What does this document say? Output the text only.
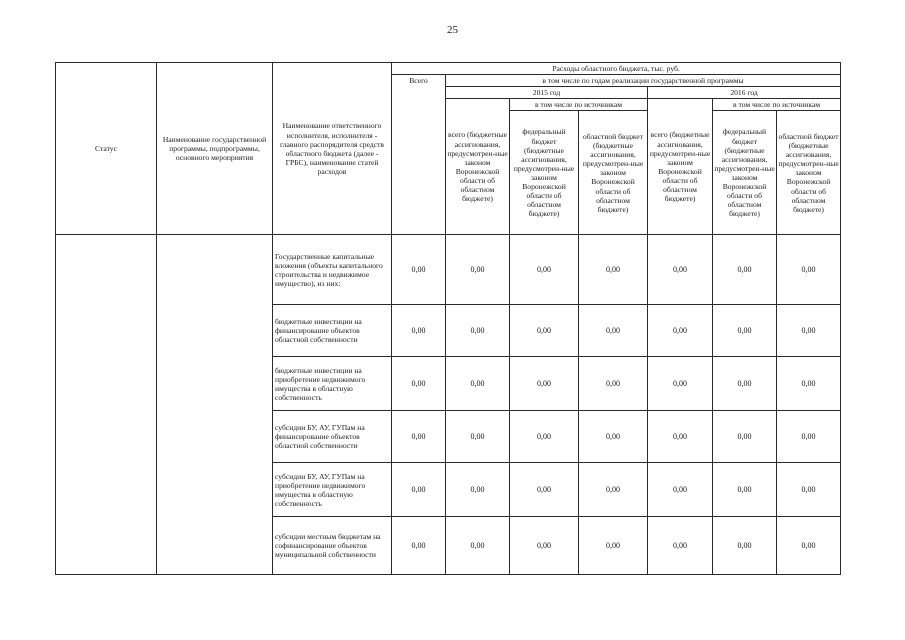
25
Статус	Наименование государственной программы, подпрограммы, основного мероприятия	Наименование ответственного исполнителя, исполнителя - главного распорядителя средств областного бюджета (далее - ГРБС), наименование статей расходов	Расходы областного бюджета, тыс. руб.						
			Всего	в том числе по годам реализации государственной программы					
				2015 год			2016 год		
				всего (бюджетные ассигнования, предусмотрен-ные законом Воронежской области об областном бюджете)	в том числе по источникам		всего (бюджетные ассигнования, предусмотрен-ные законом Воронежской области об областном бюджете)	в том числе по источникам	
					федеральный бюджет (бюджетные ассигнования, предусмотрен-ные законом Воронежской области об областном бюджете)	областной бюджет (бюджетные ассигнования, предусмотрен-ные законом Воронежской области об областном бюджете)		федеральный бюджет (бюджетные ассигнования, предусмотрен-ные законом Воронежской области об областном бюджете)	областной бюджет (бюджетные ассигнования, предусмотрен-ные законом Воронежской области об областном бюджете)
		Государственные капитальные вложения (объекты капитального строительства и недвижимое имущество), из них:	0,00	0,00	0,00	0,00	0,00	0,00	0,00
		бюджетные инвестиции на финансирование объектов областной собственности	0,00	0,00	0,00	0,00	0,00	0,00	0,00
		бюджетные инвестиции на приобретение недвижимого имущества в областную собственность	0,00	0,00	0,00	0,00	0,00	0,00	0,00
		субсидии БУ, АУ, ГУПам на финансирование объектов областной собственности	0,00	0,00	0,00	0,00	0,00	0,00	0,00
		субсидии БУ, АУ, ГУПам на приобретение недвижимого имущества в областную собственность	0,00	0,00	0,00	0,00	0,00	0,00	0,00
		субсидии местным бюджетам на софинансирование объектов муниципальной собственности	0,00	0,00	0,00	0,00	0,00	0,00	0,00
